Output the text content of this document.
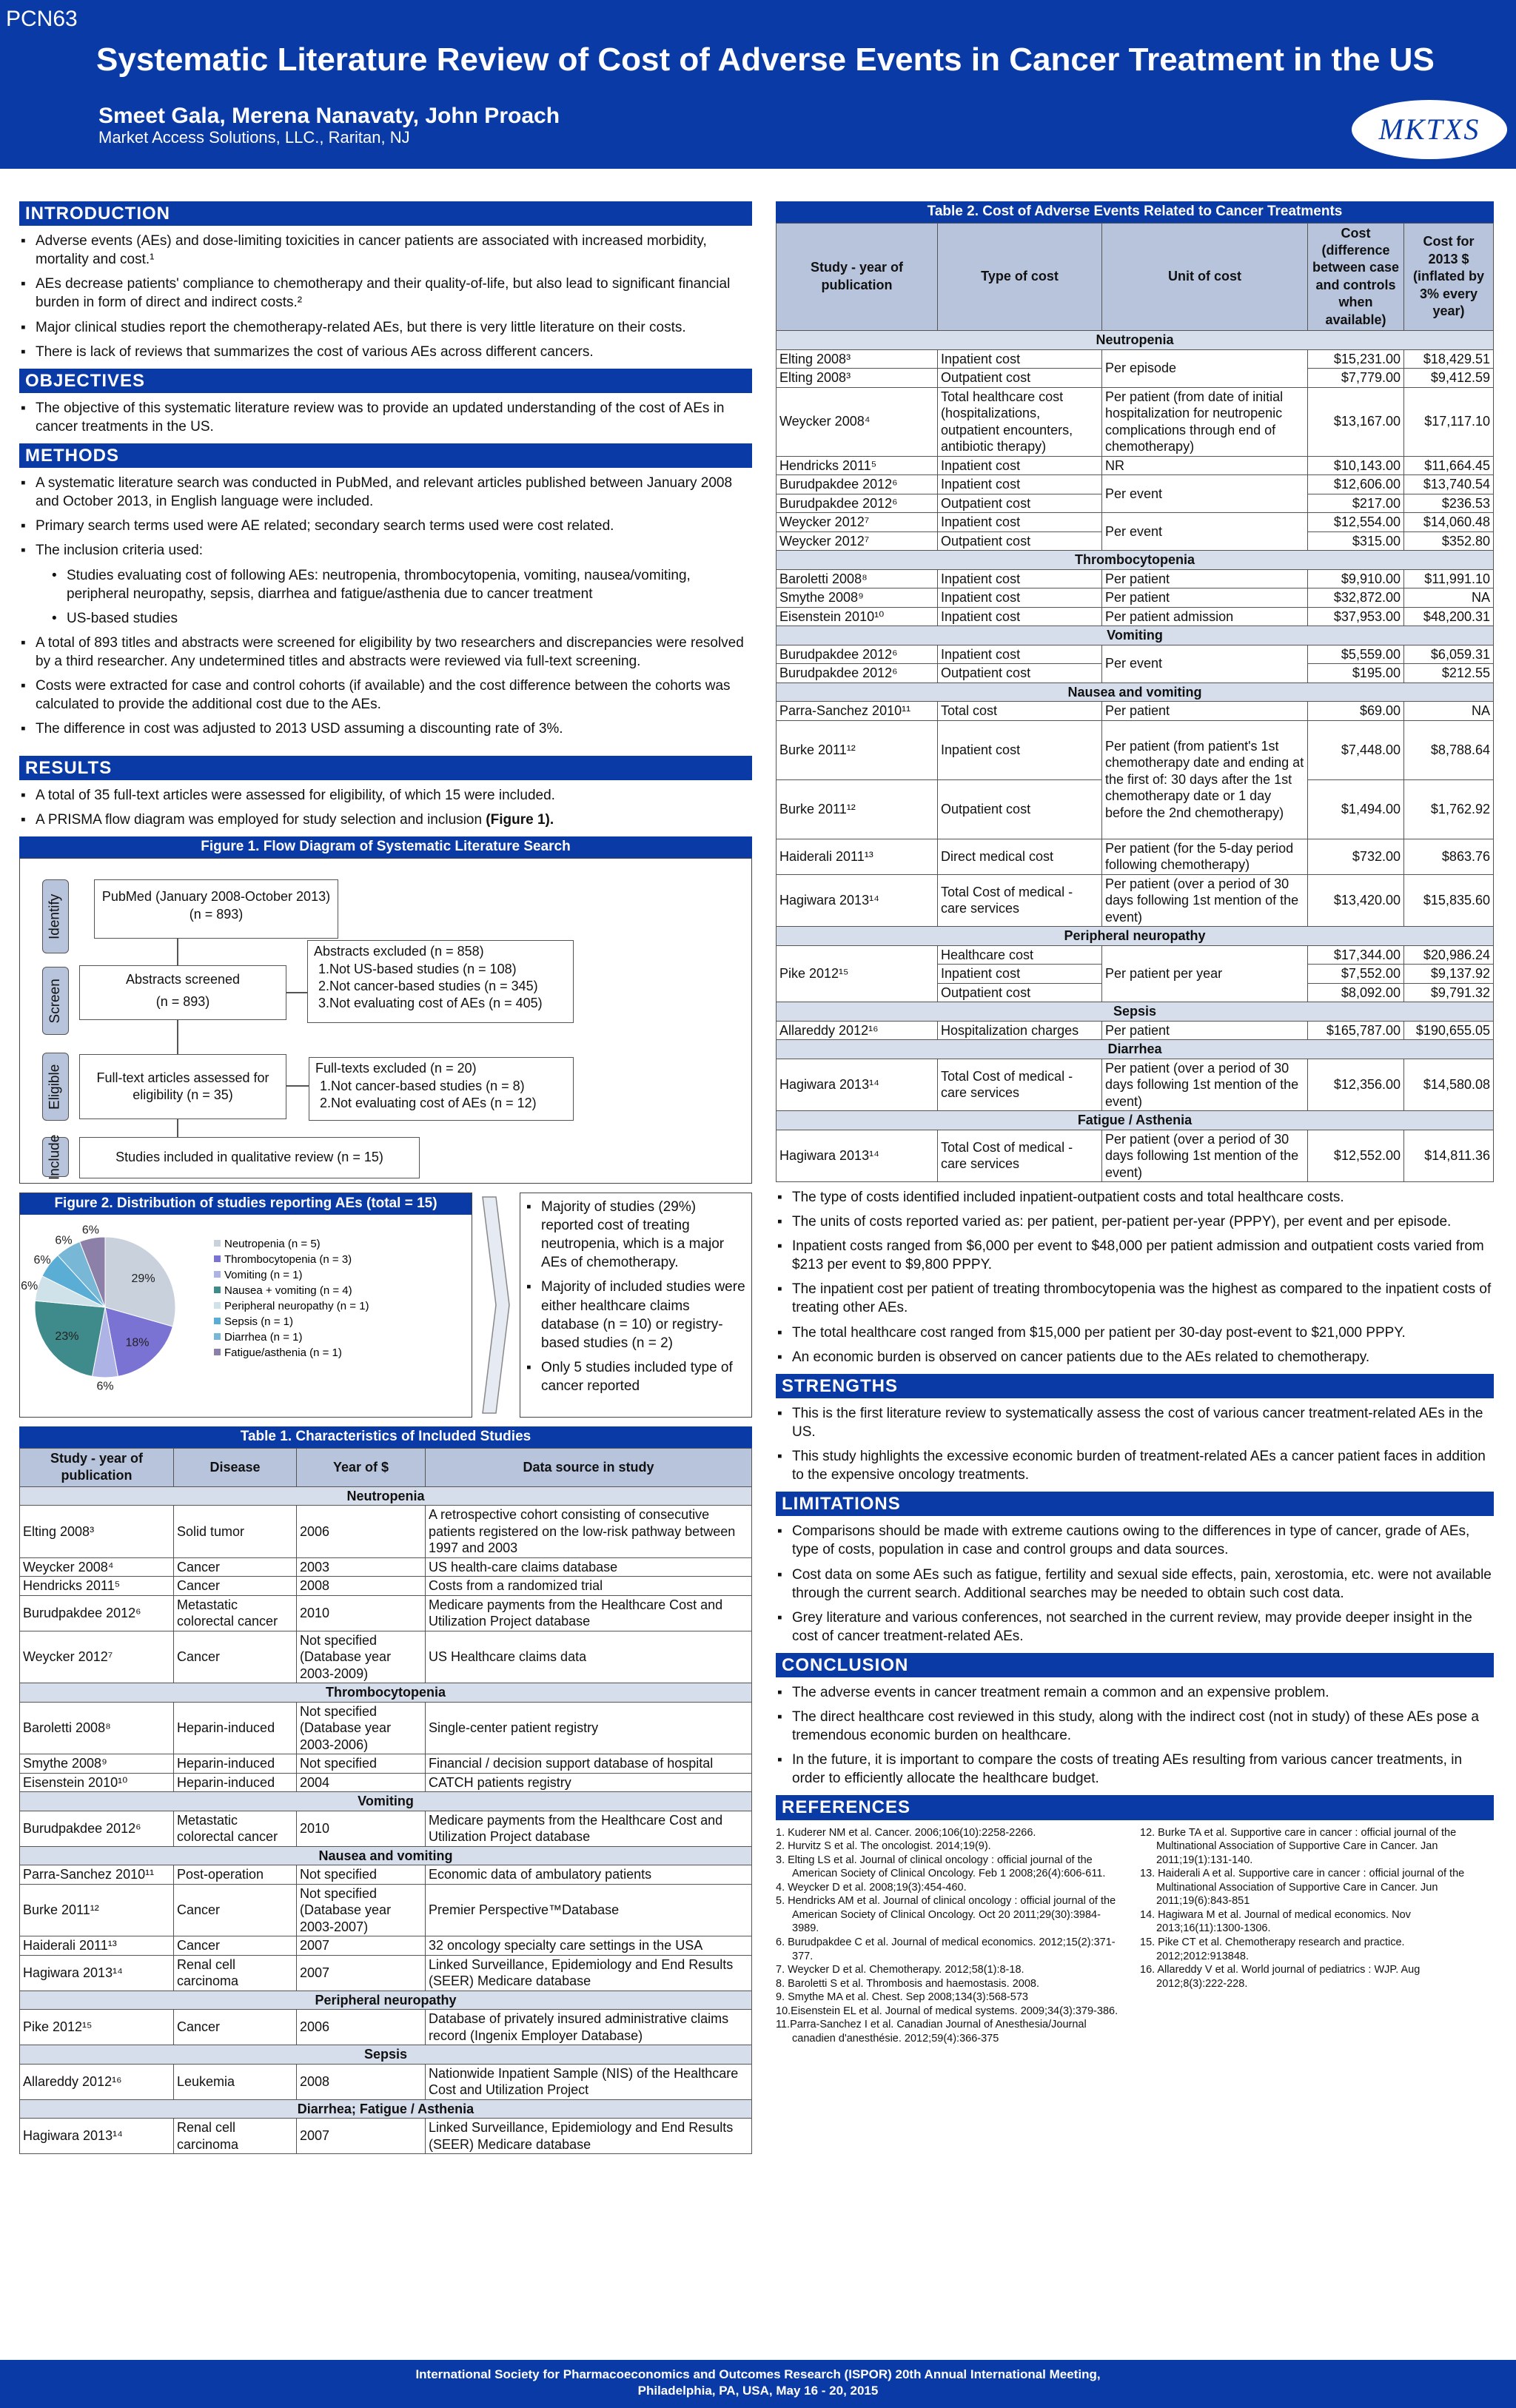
PCN63
Systematic Literature Review of Cost of Adverse Events in Cancer Treatment in the US
Smeet Gala, Merena Nanavaty, John Proach
Market Access Solutions, LLC., Raritan, NJ	MKTXS
INTRODUCTION
▪ Adverse events (AEs) and dose-limiting toxicities in cancer patients are associated with increased morbidity, mortality and cost.¹
▪ AEs decrease patients' compliance to chemotherapy and their quality-of-life, but also lead to significant financial burden in form of direct and indirect costs.²
▪ Major clinical studies report the chemotherapy-related AEs, but there is very little literature on their costs.
▪ There is lack of reviews that summarizes the cost of various AEs across different cancers.
OBJECTIVES
▪ The objective of this systematic literature review was to provide an updated understanding of the cost of AEs in cancer treatments in the US.
METHODS
▪ A systematic literature search was conducted in PubMed, and relevant articles published between January 2008 and October 2013, in English language were included.
▪ Primary search terms used were AE related; secondary search terms used were cost related.
▪ The inclusion criteria used:
• Studies evaluating cost of following AEs: neutropenia, thrombocytopenia, vomiting, nausea/vomiting, peripheral neuropathy, sepsis, diarrhea and fatigue/asthenia due to cancer treatment
• US-based studies
▪ A total of 893 titles and abstracts were screened for eligibility by two researchers and discrepancies were resolved by a third researcher. Any undetermined titles and abstracts were reviewed via full-text screening.
▪ Costs were extracted for case and control cohorts (if available) and the cost difference between the cohorts was calculated to provide the additional cost due to the AEs.
▪ The difference in cost was adjusted to 2013 USD assuming a discounting rate of 3%.
RESULTS
▪ A total of 35 full-text articles were assessed for eligibility, of which 15 were included.
▪ A PRISMA flow diagram was employed for study selection and inclusion (Figure 1).
Figure 1. Flow Diagram of Systematic Literature Search
Identify
Screen
Eligible
Include
PubMed (January 2008-October 2013)
(n = 893)
Abstracts screened
(n = 893)
Abstracts excluded (n = 858)
1.Not US-based studies (n = 108)
2.Not cancer-based studies (n = 345)
3.Not evaluating cost of AEs (n = 405)
Full-text articles assessed for eligibility (n = 35)
Full-texts excluded (n = 20)
1.Not cancer-based studies (n = 8)
2.Not evaluating cost of AEs (n = 12)
Studies included in qualitative review (n = 15)
Figure 2. Distribution of studies reporting AEs (total = 15)
29%
18%
6%
23%
6%
6%
6%
6%
Neutropenia (n = 5)
Thrombocytopenia (n = 3)
Vomiting (n = 1)
Nausea + vomiting (n = 4)
Peripheral neuropathy (n = 1)
Sepsis (n = 1)
Diarrhea (n = 1)
Fatigue/asthenia (n = 1)
▪ Majority of studies (29%) reported cost of treating neutropenia, which is a major AEs of chemotherapy.
▪ Majority of included studies were either healthcare claims database (n = 10) or registry-based studies (n = 2)
▪ Only 5 studies included type of cancer reported
Table 1. Characteristics of Included Studies
Study - year of publication	Disease	Year of $	Data source in study
Neutropenia			
Elting 2008³	Solid tumor	2006	A retrospective cohort consisting of consecutive patients registered on the low-risk pathway between 1997 and 2003
Weycker 2008⁴	Cancer	2003	US health-care claims database
Hendricks 2011⁵	Cancer	2008	Costs from a randomized trial
Burudpakdee 2012⁶	Metastatic colorectal cancer	2010	Medicare payments from the Healthcare Cost and Utilization Project database
Weycker 2012⁷	Cancer	Not specified (Database year 2003-2009)	US Healthcare claims data
Thrombocytopenia			
Baroletti 2008⁸	Heparin-induced	Not specified (Database year 2003-2006)	Single-center patient registry
Smythe 2008⁹	Heparin-induced	Not specified	Financial / decision support database of hospital
Eisenstein 2010¹⁰	Heparin-induced	2004	CATCH patients registry
Vomiting			
Burudpakdee 2012⁶	Metastatic colorectal cancer	2010	Medicare payments from the Healthcare Cost and Utilization Project database
Nausea and vomiting			
Parra-Sanchez 2010¹¹	Post-operation	Not specified	Economic data of ambulatory patients
Burke 2011¹²	Cancer	Not specified (Database year 2003-2007)	Premier Perspective™Database
Haiderali 2011¹³	Cancer	2007	32 oncology specialty care settings in the USA
Hagiwara 2013¹⁴	Renal cell carcinoma	2007	Linked Surveillance, Epidemiology and End Results (SEER) Medicare database
Peripheral neuropathy			
Pike 2012¹⁵	Cancer	2006	Database of privately insured administrative claims record (Ingenix Employer Database)
Sepsis			
Allareddy 2012¹⁶	Leukemia	2008	Nationwide Inpatient Sample (NIS) of the Healthcare Cost and Utilization Project
Diarrhea; Fatigue / Asthenia			
Hagiwara 2013¹⁴	Renal cell carcinoma	2007	Linked Surveillance, Epidemiology and End Results (SEER) Medicare database
Table 2. Cost of Adverse Events Related to Cancer Treatments
Study - year of publication	Type of cost	Unit of cost	Cost (difference between case and controls when available)	Cost for 2013 $ (inflated by 3% every year)
Neutropenia				
Elting 2008³	Inpatient cost	Per episode	$15,231.00	$18,429.51
Elting 2008³	Outpatient cost		$7,779.00	$9,412.59
Weycker 2008⁴	Total healthcare cost (hospitalizations, outpatient encounters, antibiotic therapy)	Per patient (from date of initial hospitalization for neutropenic complications through end of chemotherapy)	$13,167.00	$17,117.10
Hendricks 2011⁵	Inpatient cost	NR	$10,143.00	$11,664.45
Burudpakdee 2012⁶	Inpatient cost	Per event	$12,606.00	$13,740.54
Burudpakdee 2012⁶	Outpatient cost		$217.00	$236.53
Weycker 2012⁷	Inpatient cost	Per event	$12,554.00	$14,060.48
Weycker 2012⁷	Outpatient cost		$315.00	$352.80
Thrombocytopenia				
Baroletti 2008⁸	Inpatient cost	Per patient	$9,910.00	$11,991.10
Smythe 2008⁹	Inpatient cost	Per patient	$32,872.00	NA
Eisenstein 2010¹⁰	Inpatient cost	Per patient admission	$37,953.00	$48,200.31
Vomiting				
Burudpakdee 2012⁶	Inpatient cost	Per event	$5,559.00	$6,059.31
Burudpakdee 2012⁶	Outpatient cost		$195.00	$212.55
Nausea and vomiting				
Parra-Sanchez 2010¹¹	Total cost	Per patient	$69.00	NA
Burke 2011¹²	Inpatient cost	Per patient (from patient's 1st chemotherapy date and ending at the first of: 30 days after the 1st chemotherapy date or 1 day before the 2nd chemotherapy)	$7,448.00	$8,788.64
Burke 2011¹²	Outpatient cost		$1,494.00	$1,762.92
Haiderali 2011¹³	Direct medical cost	Per patient (for the 5-day period following chemotherapy)	$732.00	$863.76
Hagiwara 2013¹⁴	Total Cost of medical - care services	Per patient (over a period of 30 days following 1st mention of the event)	$13,420.00	$15,835.60
Peripheral neuropathy				
Pike 2012¹⁵	Healthcare cost	Per patient per year	$17,344.00	$20,986.24
	Inpatient cost		$7,552.00	$9,137.92
	Outpatient cost		$8,092.00	$9,791.32
Sepsis				
Allareddy 2012¹⁶	Hospitalization charges	Per patient	$165,787.00	$190,655.05
Diarrhea				
Hagiwara 2013¹⁴	Total Cost of medical - care services	Per patient (over a period of 30 days following 1st mention of the event)	$12,356.00	$14,580.08
Fatigue / Asthenia				
Hagiwara 2013¹⁴	Total Cost of medical - care services	Per patient (over a period of 30 days following 1st mention of the event)	$12,552.00	$14,811.36
▪ The type of costs identified included inpatient-outpatient costs and total healthcare costs.
▪ The units of costs reported varied as: per patient, per-patient per-year (PPPY), per event and per episode.
▪ Inpatient costs ranged from $6,000 per event to $48,000 per patient admission and outpatient costs varied from $213 per event to $9,800 PPPY.
▪ The inpatient cost per patient of treating thrombocytopenia was the highest as compared to the inpatient costs of treating other AEs.
▪ The total healthcare cost ranged from $15,000 per patient per 30-day post-event to $21,000 PPPY.
▪ An economic burden is observed on cancer patients due to the AEs related to chemotherapy.
STRENGTHS
▪ This is the first literature review to systematically assess the cost of various cancer treatment-related AEs in the US.
▪ This study highlights the excessive economic burden of treatment-related AEs a cancer patient faces in addition to the expensive oncology treatments.
LIMITATIONS
▪ Comparisons should be made with extreme cautions owing to the differences in type of cancer, grade of AEs, type of costs, population in case and control groups and data sources.
▪ Cost data on some AEs such as fatigue, fertility and sexual side effects, pain, xerostomia, etc. were not available through the current search. Additional searches may be needed to obtain such cost data.
▪ Grey literature and various conferences, not searched in the current review, may provide deeper insight in the cost of cancer treatment-related AEs.
CONCLUSION
▪ The adverse events in cancer treatment remain a common and an expensive problem.
▪ The direct healthcare cost reviewed in this study, along with the indirect cost (not in study) of these AEs pose a tremendous economic burden on healthcare.
▪ In the future, it is important to compare the costs of treating AEs resulting from various cancer treatments, in order to efficiently allocate the healthcare budget.
REFERENCES
1. Kuderer NM et al. Cancer. 2006;106(10):2258-2266.
2. Hurvitz S et al. The oncologist. 2014;19(9).
3. Elting LS et al. Journal of clinical oncology : official journal of the American Society of Clinical Oncology. Feb 1 2008;26(4):606-611.
4. Weycker D et al. 2008;19(3):454-460.
5. Hendricks AM et al. Journal of clinical oncology : official journal of the American Society of Clinical Oncology. Oct 20 2011;29(30):3984-3989.
6. Burudpakdee C et al. Journal of medical economics. 2012;15(2):371-377.
7. Weycker D et al. Chemotherapy. 2012;58(1):8-18.
8. Baroletti S et al. Thrombosis and haemostasis. 2008.
9. Smythe MA et al. Chest. Sep 2008;134(3):568-573
10.Eisenstein EL et al. Journal of medical systems. 2009;34(3):379-386.
11.Parra-Sanchez I et al. Canadian Journal of Anesthesia/Journal canadien d'anesthésie. 2012;59(4):366-375
12. Burke TA et al. Supportive care in cancer : official journal of the Multinational Association of Supportive Care in Cancer. Jan 2011;19(1):131-140.
13. Haiderali A et al. Supportive care in cancer : official journal of the Multinational Association of Supportive Care in Cancer. Jun 2011;19(6):843-851
14. Hagiwara M et al. Journal of medical economics. Nov 2013;16(11):1300-1306.
15. Pike CT et al. Chemotherapy research and practice. 2012;2012:913848.
16. Allareddy V et al. World journal of pediatrics : WJP. Aug 2012;8(3):222-228.
International Society for Pharmacoeconomics and Outcomes Research (ISPOR) 20th Annual International Meeting,
Philadelphia, PA, USA, May 16 - 20, 2015
